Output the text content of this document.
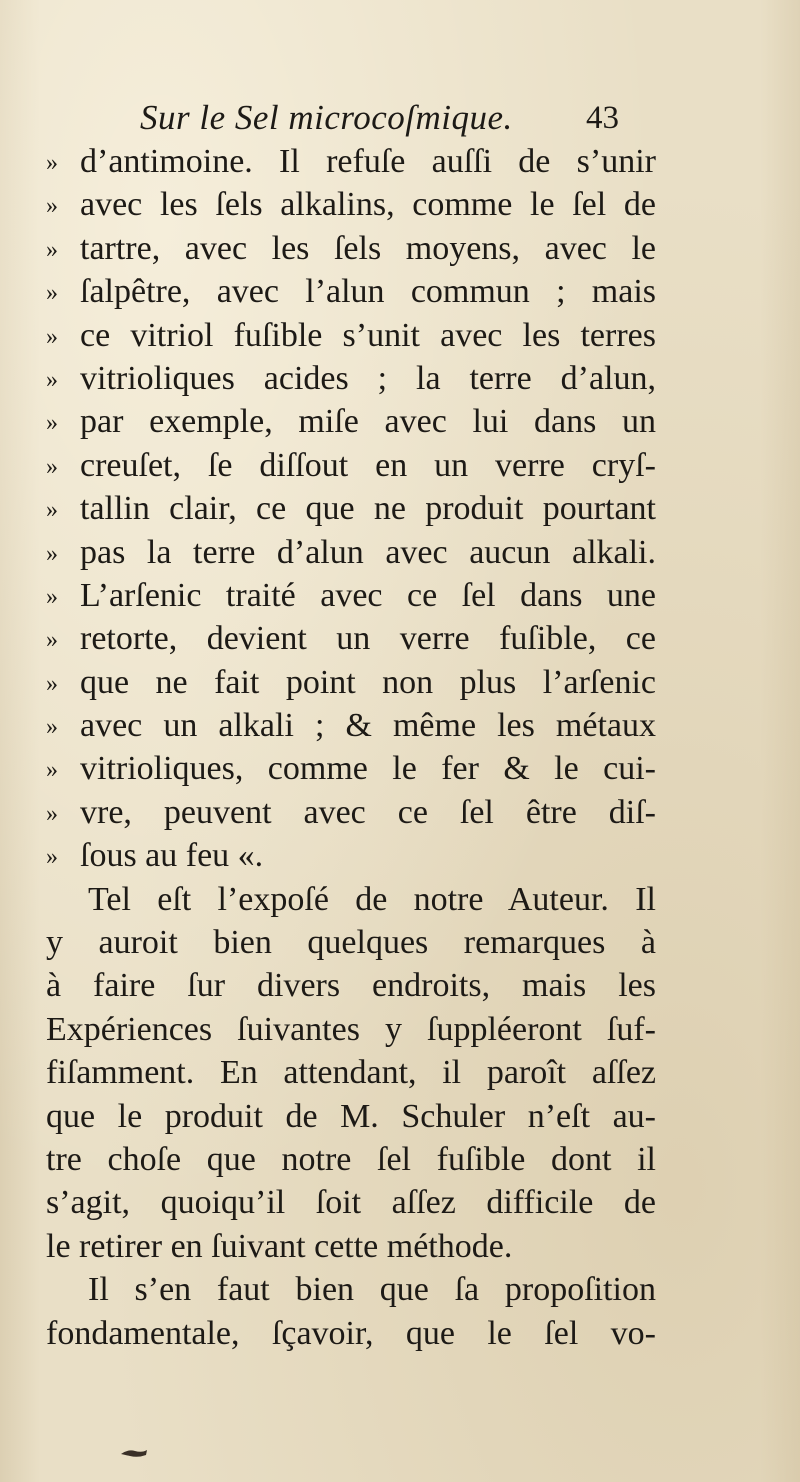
Sur le Sel microcoſmique. 43
» d’antimoine. Il refuſe auſſi de s’unir
» avec les ſels alkalins, comme le ſel de
» tartre, avec les ſels moyens, avec le
» ſalpêtre, avec l’alun commun ; mais
» ce vitriol fuſible s’unit avec les terres
» vitrioliques acides ; la terre d’alun,
» par exemple, miſe avec lui dans un
» creuſet, ſe diſſout en un verre cryſ-
» tallin clair, ce que ne produit pourtant
» pas la terre d’alun avec aucun alkali.
» L’arſenic traité avec ce ſel dans une
» retorte, devient un verre fuſible, ce
» que ne fait point non plus l’arſenic
» avec un alkali ; & même les métaux
» vitrioliques, comme le fer & le cui-
» vre, peuvent avec ce ſel être diſ-
» ſous au feu «.
Tel eſt l’expoſé de notre Auteur. Il
y auroit bien quelques remarques à
à faire ſur divers endroits, mais les
Expériences ſuivantes y ſuppléeront ſuf-
fiſamment. En attendant, il paroît aſſez
que le produit de M. Schuler n’eſt au-
tre choſe que notre ſel fuſible dont il
s’agit, quoiqu’il ſoit aſſez difficile de
le retirer en ſuivant cette méthode.
Il s’en faut bien que ſa propoſition
fondamentale, ſçavoir, que le ſel vo-
